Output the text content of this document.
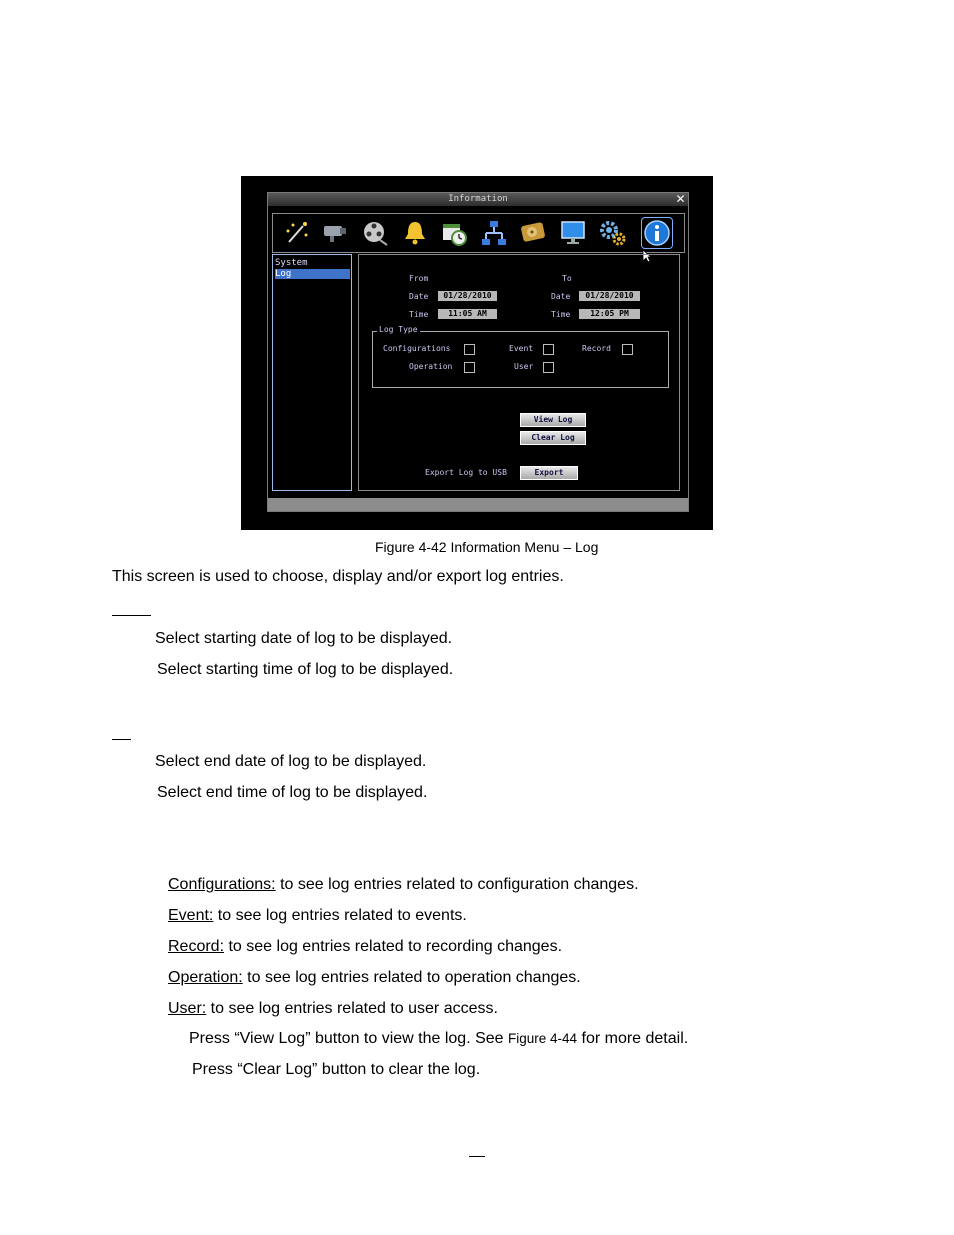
Information	✕
System
Log	From	To
Date	01/28/2010	Date	01/28/2010
Time	11:05 AM	Time	12:05 PM
Log Type
Configurations	Event	Record
Operation	User
View Log
Clear Log
Export Log to USB	Export
Figure 4-42 Information Menu – Log
This screen is used to choose, display and/or export log entries.
Select starting date of log to be displayed.
Select starting time of log to be displayed.
Select end date of log to be displayed.
Select end time of log to be displayed.
Configurations: to see log entries related to configuration changes.
Event: to see log entries related to events.
Record: to see log entries related to recording changes.
Operation: to see log entries related to operation changes.
User: to see log entries related to user access.
Press “View Log” button to view the log. See Figure 4-44 for more detail.
Press “Clear Log” button to clear the log.
